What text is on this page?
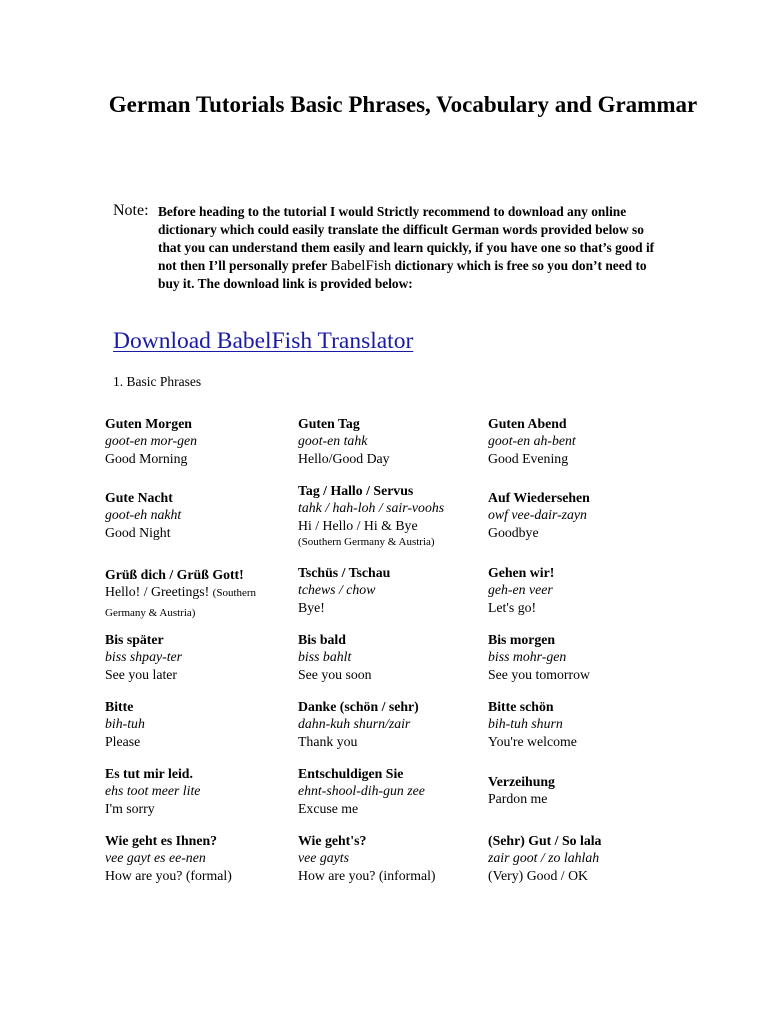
German Tutorials Basic Phrases, Vocabulary and Grammar
Note: Before heading to the tutorial I would Strictly recommend to download any online dictionary which could easily translate the difficult German words provided below so that you can understand them easily and learn quickly, if you have one so that’s good if not then I’ll personally prefer BabelFish dictionary which is free so you don’t need to buy it. The download link is provided below:
Download BabelFish Translator
1. Basic Phrases
Guten Morgen
goot-en mor-gen
Good Morning
Guten Tag
goot-en tahk
Hello/Good Day
Guten Abend
goot-en ah-bent
Good Evening
Gute Nacht
goot-eh nakht
Good Night
Tag / Hallo / Servus
tahk / hah-loh / sair-voohs
Hi / Hello / Hi & Bye
(Southern Germany & Austria)
Auf Wiedersehen
owf vee-dair-zayn
Goodbye
Grüß dich / Grüß Gott!
Hello! / Greetings! (Southern Germany & Austria)
Tschüs / Tschau
tchews / chow
Bye!
Gehen wir!
geh-en veer
Let's go!
Bis später
biss shpay-ter
See you later
Bis bald
biss bahlt
See you soon
Bis morgen
biss mohr-gen
See you tomorrow
Bitte
bih-tuh
Please
Danke (schön / sehr)
dahn-kuh shurn/zair
Thank you
Bitte schön
bih-tuh shurn
You're welcome
Es tut mir leid.
ehs toot meer lite
I'm sorry
Entschuldigen Sie
ehnt-shool-dih-gun zee
Excuse me
Verzeihung
Pardon me
Wie geht es Ihnen?
vee gayt es ee-nen
How are you? (formal)
Wie geht's?
vee gayts
How are you? (informal)
(Sehr) Gut / So lala
zair goot / zo lahlah
(Very) Good / OK
